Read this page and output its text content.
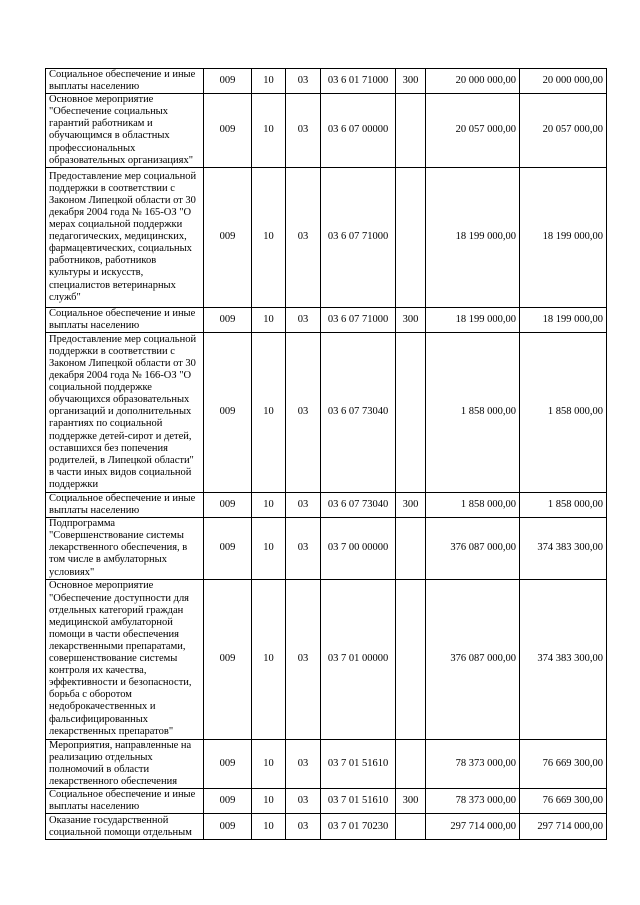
Социальное обеспечение и иные выплаты населению	009	10	03	03 6 01 71000	300	20 000 000,00	20 000 000,00
Основное мероприятие "Обеспечение социальных гарантий работникам и обучающимся в областных профессиональных образовательных организациях"	009	10	03	03 6 07 00000		20 057 000,00	20 057 000,00
Предоставление мер социальной поддержки в соответствии с Законом Липецкой области от 30 декабря 2004 года № 165-ОЗ "О мерах социальной поддержки педагогических, медицинских, фармацевтических, социальных работников, работников культуры и искусств, специалистов ветеринарных служб"	009	10	03	03 6 07 71000		18 199 000,00	18 199 000,00
Социальное обеспечение и иные выплаты населению	009	10	03	03 6 07 71000	300	18 199 000,00	18 199 000,00
Предоставление мер социальной поддержки в соответствии с Законом Липецкой области от 30 декабря 2004 года № 166-ОЗ "О социальной поддержке обучающихся образовательных организаций и дополнительных гарантиях по социальной поддержке детей-сирот и детей, оставшихся без попечения родителей, в Липецкой области" в части иных видов социальной поддержки	009	10	03	03 6 07 73040		1 858 000,00	1 858 000,00
Социальное обеспечение и иные выплаты населению	009	10	03	03 6 07 73040	300	1 858 000,00	1 858 000,00
Подпрограмма "Совершенствование системы лекарственного обеспечения, в том числе в амбулаторных условиях"	009	10	03	03 7 00 00000		376 087 000,00	374 383 300,00
Основное мероприятие "Обеспечение доступности для отдельных категорий граждан медицинской амбулаторной помощи в части обеспечения лекарственными препаратами, совершенствование системы контроля их качества, эффективности и безопасности, борьба с оборотом недоброкачественных и фальсифицированных лекарственных препаратов"	009	10	03	03 7 01 00000		376 087 000,00	374 383 300,00
Мероприятия, направленные на реализацию отдельных полномочий в области лекарственного обеспечения	009	10	03	03 7 01 51610		78 373 000,00	76 669 300,00
Социальное обеспечение и иные выплаты населению	009	10	03	03 7 01 51610	300	78 373 000,00	76 669 300,00
Оказание государственной социальной помощи отдельным	009	10	03	03 7 01 70230		297 714 000,00	297 714 000,00
